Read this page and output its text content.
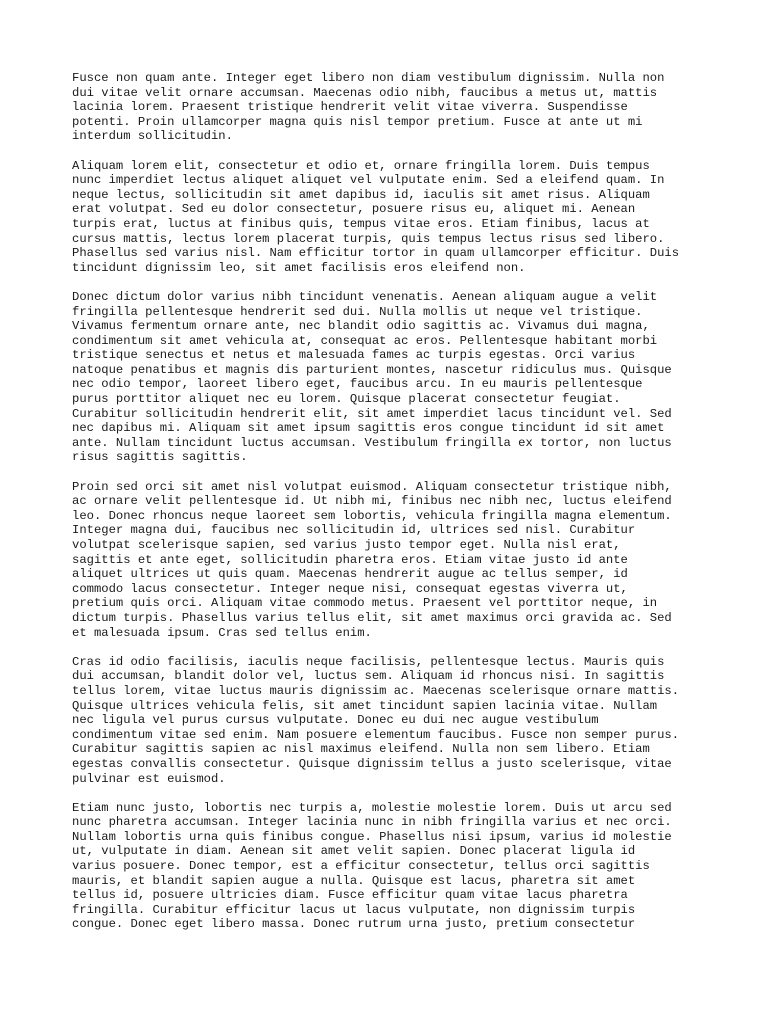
Fusce non quam ante. Integer eget libero non diam vestibulum dignissim. Nulla non
dui vitae velit ornare accumsan. Maecenas odio nibh, faucibus a metus ut, mattis
lacinia lorem. Praesent tristique hendrerit velit vitae viverra. Suspendisse
potenti. Proin ullamcorper magna quis nisl tempor pretium. Fusce at ante ut mi
interdum sollicitudin.

Aliquam lorem elit, consectetur et odio et, ornare fringilla lorem. Duis tempus
nunc imperdiet lectus aliquet aliquet vel vulputate enim. Sed a eleifend quam. In
neque lectus, sollicitudin sit amet dapibus id, iaculis sit amet risus. Aliquam
erat volutpat. Sed eu dolor consectetur, posuere risus eu, aliquet mi. Aenean
turpis erat, luctus at finibus quis, tempus vitae eros. Etiam finibus, lacus at
cursus mattis, lectus lorem placerat turpis, quis tempus lectus risus sed libero.
Phasellus sed varius nisl. Nam efficitur tortor in quam ullamcorper efficitur. Duis
tincidunt dignissim leo, sit amet facilisis eros eleifend non.

Donec dictum dolor varius nibh tincidunt venenatis. Aenean aliquam augue a velit
fringilla pellentesque hendrerit sed dui. Nulla mollis ut neque vel tristique.
Vivamus fermentum ornare ante, nec blandit odio sagittis ac. Vivamus dui magna,
condimentum sit amet vehicula at, consequat ac eros. Pellentesque habitant morbi
tristique senectus et netus et malesuada fames ac turpis egestas. Orci varius
natoque penatibus et magnis dis parturient montes, nascetur ridiculus mus. Quisque
nec odio tempor, laoreet libero eget, faucibus arcu. In eu mauris pellentesque
purus porttitor aliquet nec eu lorem. Quisque placerat consectetur feugiat.
Curabitur sollicitudin hendrerit elit, sit amet imperdiet lacus tincidunt vel. Sed
nec dapibus mi. Aliquam sit amet ipsum sagittis eros congue tincidunt id sit amet
ante. Nullam tincidunt luctus accumsan. Vestibulum fringilla ex tortor, non luctus
risus sagittis sagittis.

Proin sed orci sit amet nisl volutpat euismod. Aliquam consectetur tristique nibh,
ac ornare velit pellentesque id. Ut nibh mi, finibus nec nibh nec, luctus eleifend
leo. Donec rhoncus neque laoreet sem lobortis, vehicula fringilla magna elementum.
Integer magna dui, faucibus nec sollicitudin id, ultrices sed nisl. Curabitur
volutpat scelerisque sapien, sed varius justo tempor eget. Nulla nisl erat,
sagittis et ante eget, sollicitudin pharetra eros. Etiam vitae justo id ante
aliquet ultrices ut quis quam. Maecenas hendrerit augue ac tellus semper, id
commodo lacus consectetur. Integer neque nisi, consequat egestas viverra ut,
pretium quis orci. Aliquam vitae commodo metus. Praesent vel porttitor neque, in
dictum turpis. Phasellus varius tellus elit, sit amet maximus orci gravida ac. Sed
et malesuada ipsum. Cras sed tellus enim.

Cras id odio facilisis, iaculis neque facilisis, pellentesque lectus. Mauris quis
dui accumsan, blandit dolor vel, luctus sem. Aliquam id rhoncus nisi. In sagittis
tellus lorem, vitae luctus mauris dignissim ac. Maecenas scelerisque ornare mattis.
Quisque ultrices vehicula felis, sit amet tincidunt sapien lacinia vitae. Nullam
nec ligula vel purus cursus vulputate. Donec eu dui nec augue vestibulum
condimentum vitae sed enim. Nam posuere elementum faucibus. Fusce non semper purus.
Curabitur sagittis sapien ac nisl maximus eleifend. Nulla non sem libero. Etiam
egestas convallis consectetur. Quisque dignissim tellus a justo scelerisque, vitae
pulvinar est euismod.

Etiam nunc justo, lobortis nec turpis a, molestie molestie lorem. Duis ut arcu sed
nunc pharetra accumsan. Integer lacinia nunc in nibh fringilla varius et nec orci.
Nullam lobortis urna quis finibus congue. Phasellus nisi ipsum, varius id molestie
ut, vulputate in diam. Aenean sit amet velit sapien. Donec placerat ligula id
varius posuere. Donec tempor, est a efficitur consectetur, tellus orci sagittis
mauris, et blandit sapien augue a nulla. Quisque est lacus, pharetra sit amet
tellus id, posuere ultricies diam. Fusce efficitur quam vitae lacus pharetra
fringilla. Curabitur efficitur lacus ut lacus vulputate, non dignissim turpis
congue. Donec eget libero massa. Donec rutrum urna justo, pretium consectetur
